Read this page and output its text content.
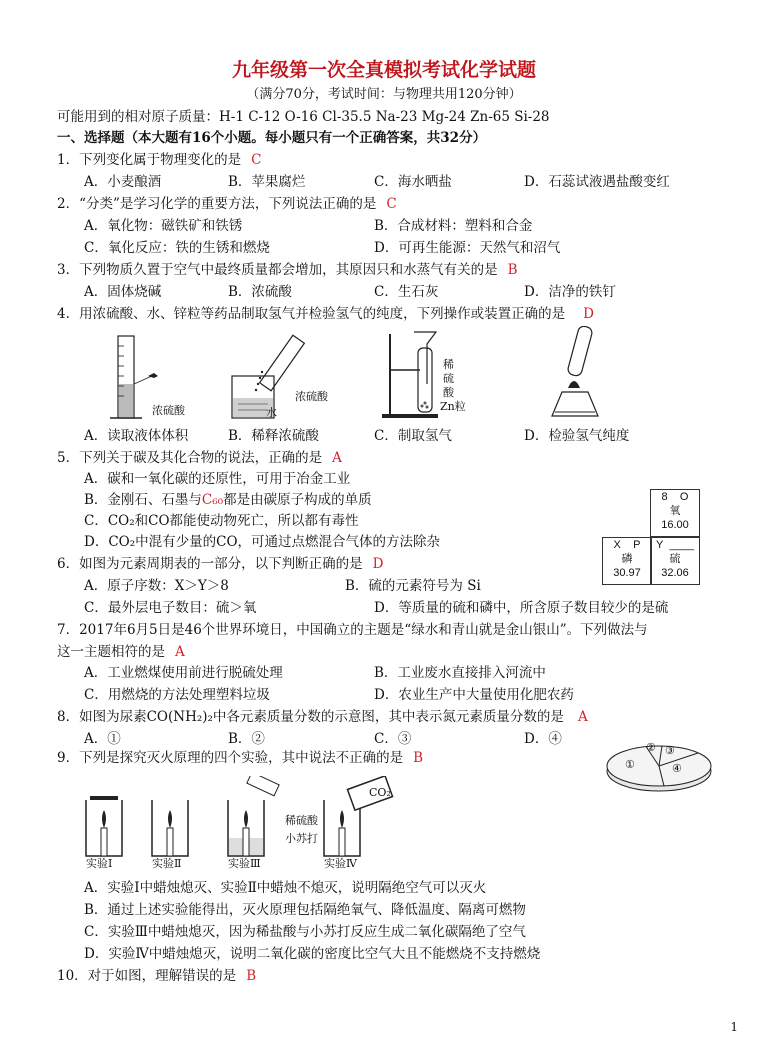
九年级第一次全真模拟考试化学试题
（满分70分，考试时间：与物理共用120分钟）
可能用到的相对原子质量：H-1 C-12 O-16 Cl-35.5 Na-23 Mg-24 Zn-65 Si-28
一、选择题（本大题有16个小题。每小题只有一个正确答案，共32分）
1．下列变化属于物理变化的是 C
A．小麦酿酒	B．苹果腐烂	C．海水晒盐	D．石蕊试液遇盐酸变红
2．“分类”是学习化学的重要方法，下列说法正确的是 C
A．氧化物：磁铁矿和铁锈	B．合成材料：塑料和合金
C．氧化反应：铁的生锈和燃烧	D．可再生能源：天然气和沼气
3．下列物质久置于空气中最终质量都会增加，其原因只和水蒸气有关的是 B
A．固体烧碱	B．浓硫酸	C．生石灰	D．洁净的铁钉
4．用浓硫酸、水、锌粒等药品制取氢气并检验氢气的纯度，下列操作或装置正确的是 D
浓硫酸
浓硫酸
水
稀
硫
酸
Zn粒
A．读取液体体积	B．稀释浓硫酸	C．制取氢气	D．检验氢气纯度
5．下列关于碳及其化合物的说法，正确的是 A
A．碳和一氧化碳的还原性，可用于冶金工业
B．金刚石、石墨与C₆₀都是由碳原子构成的单质
C．CO₂和CO都能使动物死亡，所以都有毒性
D．CO₂中混有少量的CO，可通过点燃混合气体的方法除杂
8 O
氧
16.00
X P
磷
30.97
Y ____
硫
32.06
6．如图为元素周期表的一部分，以下判断正确的是 D
A．原子序数：X＞Y＞8	B．硫的元素符号为 Si
C．最外层电子数目：硫＞氧	D．等质量的硫和磷中，所含原子数目较少的是硫
7．2017年6月5日是46个世界环境日，中国确立的主题是“绿水和青山就是金山银山”。下列做法与
这一主题相符的是 A
A．工业燃煤使用前进行脱硫处理	B．工业废水直接排入河流中
C．用燃烧的方法处理塑料垃圾	D．农业生产中大量使用化肥农药
8．如图为尿素CO(NH₂)₂中各元素质量分数的示意图，其中表示氮元素质量分数的是 A
A．①	B．②	C．③	D．④
①
② ③
④
9．下列是探究灭火原理的四个实验，其中说法不正确的是 B
稀硫酸
小苏打
CO₂
实验Ⅰ	实验Ⅱ	实验Ⅲ	实验Ⅳ
A．实验Ⅰ中蜡烛熄灭、实验Ⅱ中蜡烛不熄灭，说明隔绝空气可以灭火
B．通过上述实验能得出，灭火原理包括隔绝氧气、降低温度、隔离可燃物
C．实验Ⅲ中蜡烛熄灭，因为稀盐酸与小苏打反应生成二氧化碳隔绝了空气
D．实验Ⅳ中蜡烛熄灭，说明二氧化碳的密度比空气大且不能燃烧不支持燃烧
10．对于如图，理解错误的是 B
1
